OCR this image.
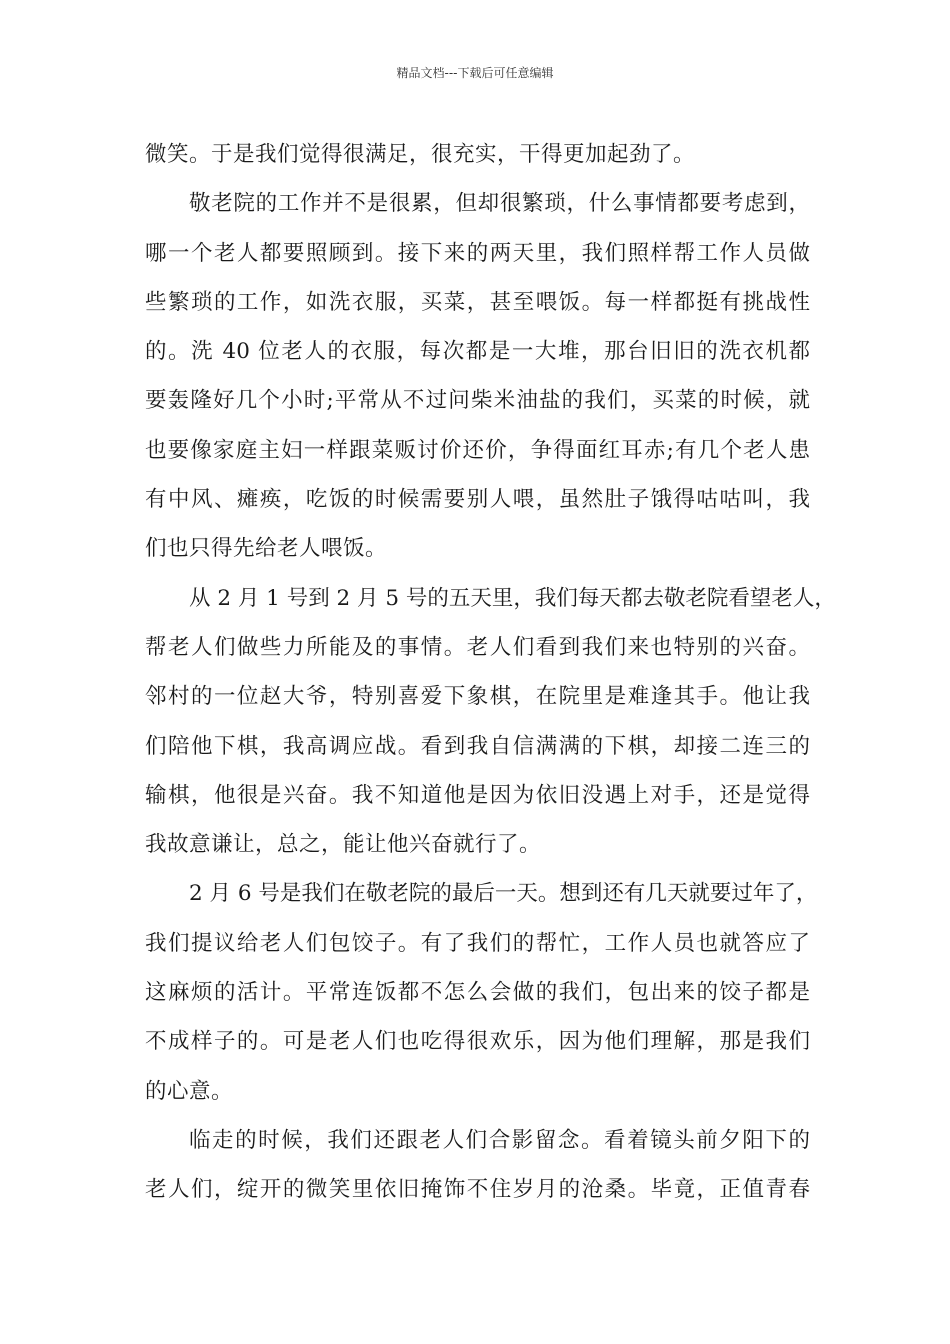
精品文档---下载后可任意编辑
微笑。于是我们觉得很满足，很充实，干得更加起劲了。
敬老院的工作并不是很累，但却很繁琐，什么事情都要考虑到，
哪一个老人都要照顾到。接下来的两天里，我们照样帮工作人员做
些繁琐的工作，如洗衣服，买菜，甚至喂饭。每一样都挺有挑战性
的。洗 40 位老人的衣服，每次都是一大堆，那台旧旧的洗衣机都
要轰隆好几个小时;平常从不过问柴米油盐的我们，买菜的时候，就
也要像家庭主妇一样跟菜贩讨价还价，争得面红耳赤;有几个老人患
有中风、瘫痪，吃饭的时候需要别人喂，虽然肚子饿得咕咕叫，我
们也只得先给老人喂饭。
从 2 月 1 号到 2 月 5 号的五天里，我们每天都去敬老院看望老人，
帮老人们做些力所能及的事情。老人们看到我们来也特别的兴奋。
邻村的一位赵大爷，特别喜爱下象棋，在院里是难逢其手。他让我
们陪他下棋，我高调应战。看到我自信满满的下棋，却接二连三的
输棋，他很是兴奋。我不知道他是因为依旧没遇上对手，还是觉得
我故意谦让，总之，能让他兴奋就行了。
2 月 6 号是我们在敬老院的最后一天。想到还有几天就要过年了，
我们提议给老人们包饺子。有了我们的帮忙，工作人员也就答应了
这麻烦的活计。平常连饭都不怎么会做的我们，包出来的饺子都是
不成样子的。可是老人们也吃得很欢乐，因为他们理解，那是我们
的心意。
临走的时候，我们还跟老人们合影留念。看着镜头前夕阳下的
老人们，绽开的微笑里依旧掩饰不住岁月的沧桑。毕竟，正值青春
